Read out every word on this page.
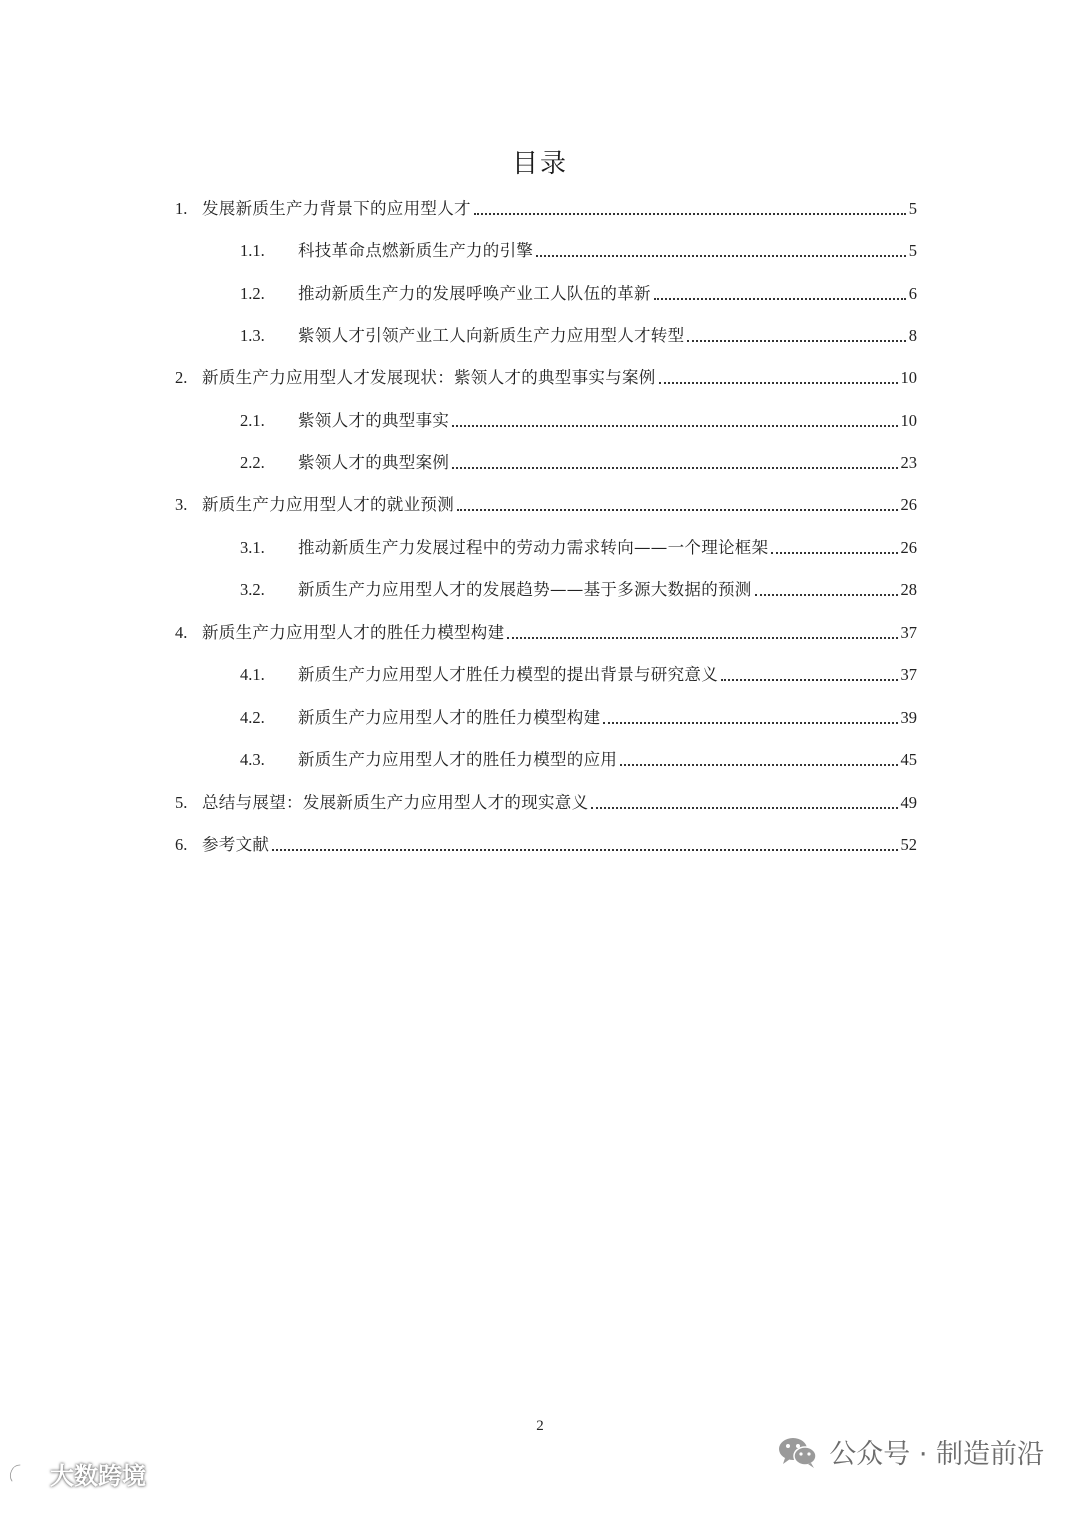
目录
1. 发展新质生产力背景下的应用型人才	5
1.1.	科技革命点燃新质生产力的引擎	5
1.2.	推动新质生产力的发展呼唤产业工人队伍的革新	6
1.3.	紫领人才引领产业工人向新质生产力应用型人才转型	8
2. 新质生产力应用型人才发展现状：紫领人才的典型事实与案例	10
2.1.	紫领人才的典型事实	10
2.2.	紫领人才的典型案例	23
3. 新质生产力应用型人才的就业预测	26
3.1.	推动新质生产力发展过程中的劳动力需求转向——一个理论框架	26
3.2.	新质生产力应用型人才的发展趋势——基于多源大数据的预测	28
4. 新质生产力应用型人才的胜任力模型构建	37
4.1.	新质生产力应用型人才胜任力模型的提出背景与研究意义	37
4.2.	新质生产力应用型人才的胜任力模型构建	39
4.3.	新质生产力应用型人才的胜任力模型的应用	45
5. 总结与展望：发展新质生产力应用型人才的现实意义	49
6. 参考文献	52
2
大数跨境
公众号 · 制造前沿
